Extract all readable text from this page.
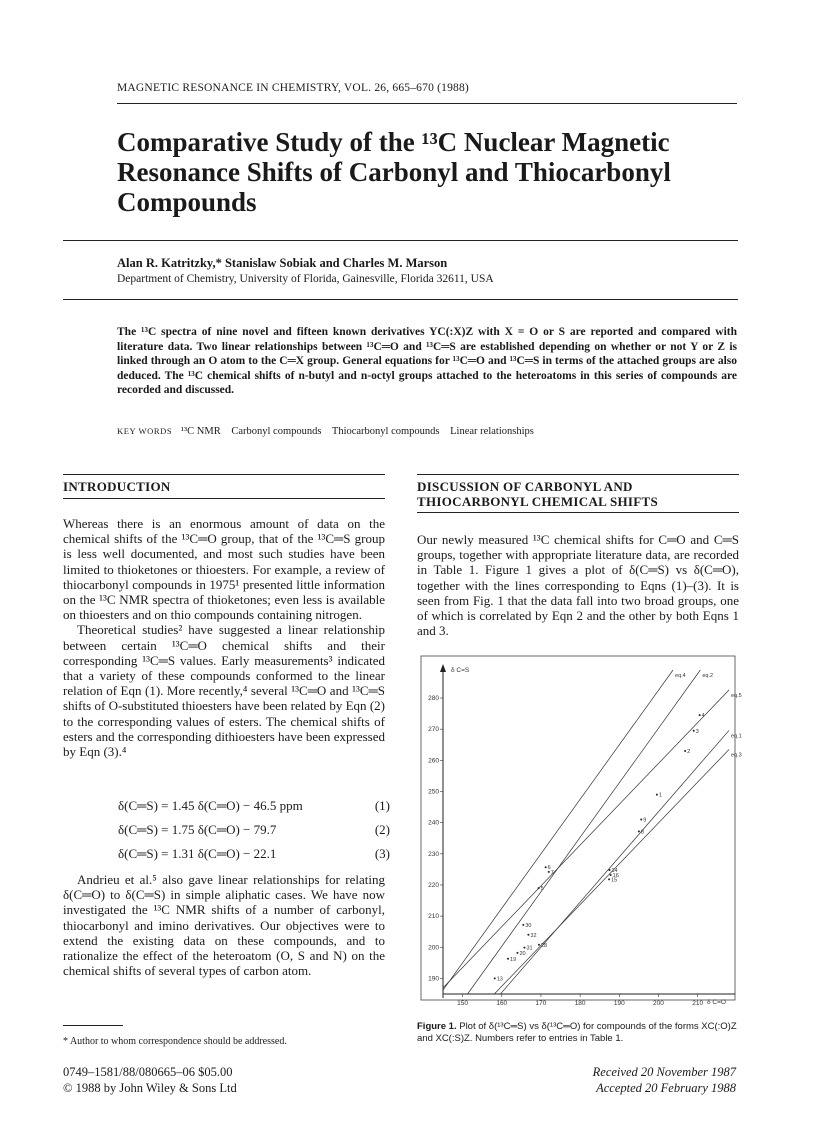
MAGNETIC RESONANCE IN CHEMISTRY, VOL. 26, 665–670 (1988)
Comparative Study of the ¹³C Nuclear Magnetic Resonance Shifts of Carbonyl and Thiocarbonyl Compounds
Alan R. Katritzky,* Stanislaw Sobiak and Charles M. Marson
Department of Chemistry, University of Florida, Gainesville, Florida 32611, USA
The ¹³C spectra of nine novel and fifteen known derivatives YC(:X)Z with X = O or S are reported and compared with literature data. Two linear relationships between ¹³C═O and ¹³C═S are established depending on whether or not Y or Z is linked through an O atom to the C═X group. General equations for ¹³C═O and ¹³C═S in terms of the attached groups are also deduced. The ¹³C chemical shifts of n-butyl and n-octyl groups attached to the heteroatoms in this series of compounds are recorded and discussed.
KEY WORDS ¹³C NMR Carbonyl compounds Thiocarbonyl compounds Linear relationships
INTRODUCTION

Whereas there is an enormous amount of data on the chemical shifts of the ¹³C═O group, that of the ¹³C═S group is less well documented, and most such studies have been limited to thioketones or thioesters. For example, a review of thiocarbonyl compounds in 1975¹ presented little information on the ¹³C NMR spectra of thioketones; even less is available on thioesters and on thio compounds containing nitrogen.

Theoretical studies² have suggested a linear relationship between certain ¹³C═O chemical shifts and their corresponding ¹³C═S values. Early measurements³ indicated that a variety of these compounds conformed to the linear relation of Eqn (1). More recently,⁴ several ¹³C═O and ¹³C═S shifts of O-substituted thioesters have been related by Eqn (2) to the corresponding values of esters. The chemical shifts of esters and the corresponding dithioesters have been expressed by Eqn (3).⁴

δ(C═S) = 1.45 δ(C═O) − 46.5 ppm	(1)
δ(C═S) = 1.75 δ(C═O) − 79.7	(2)
δ(C═S) = 1.31 δ(C═O) − 22.1	(3)

Andrieu et al.⁵ also gave linear relationships for relating δ(C═O) to δ(C═S) in simple aliphatic cases. We have now investigated the ¹³C NMR shifts of a number of carbonyl, thiocarbonyl and imino derivatives. Our objectives were to extend the existing data on these compounds, and to rationalize the effect of the heteroatom (O, S and N) on the chemical shifts of several types of carbon atom.

* Author to whom correspondence should be addressed.
0749–1581/88/080665–06 $05.00
© 1988 by John Wiley & Sons Ltd
DISCUSSION OF CARBONYL AND
THIOCARBONYL CHEMICAL SHIFTS

Our newly measured ¹³C chemical shifts for C═O and C═S groups, together with appropriate literature data, are recorded in Table 1. Figure 1 gives a plot of δ(C═S) vs δ(C═O), together with the lines corresponding to Eqns (1)–(3). It is seen from Fig. 1 that the data fall into two broad groups, one of which is correlated by Eqn 2 and the other by both Eqns 1 and 3.

δ C=S
δ C=O
150	160	170	180	190	200	210
190
200
210
220
230
240
250
260
270
280
eq.2
eq.1
eq.3
eq.4
eq.5
1
2
3
4
5
6
7
8
9
13
14
15
16
19
20
28
30
31
32
Figure 1. Plot of δ(¹³C═S) vs δ(¹³C═O) for compounds of the forms XC(:O)Z and XC(:S)Z. Numbers refer to entries in Table 1.
Received 20 November 1987
Accepted 20 February 1988
